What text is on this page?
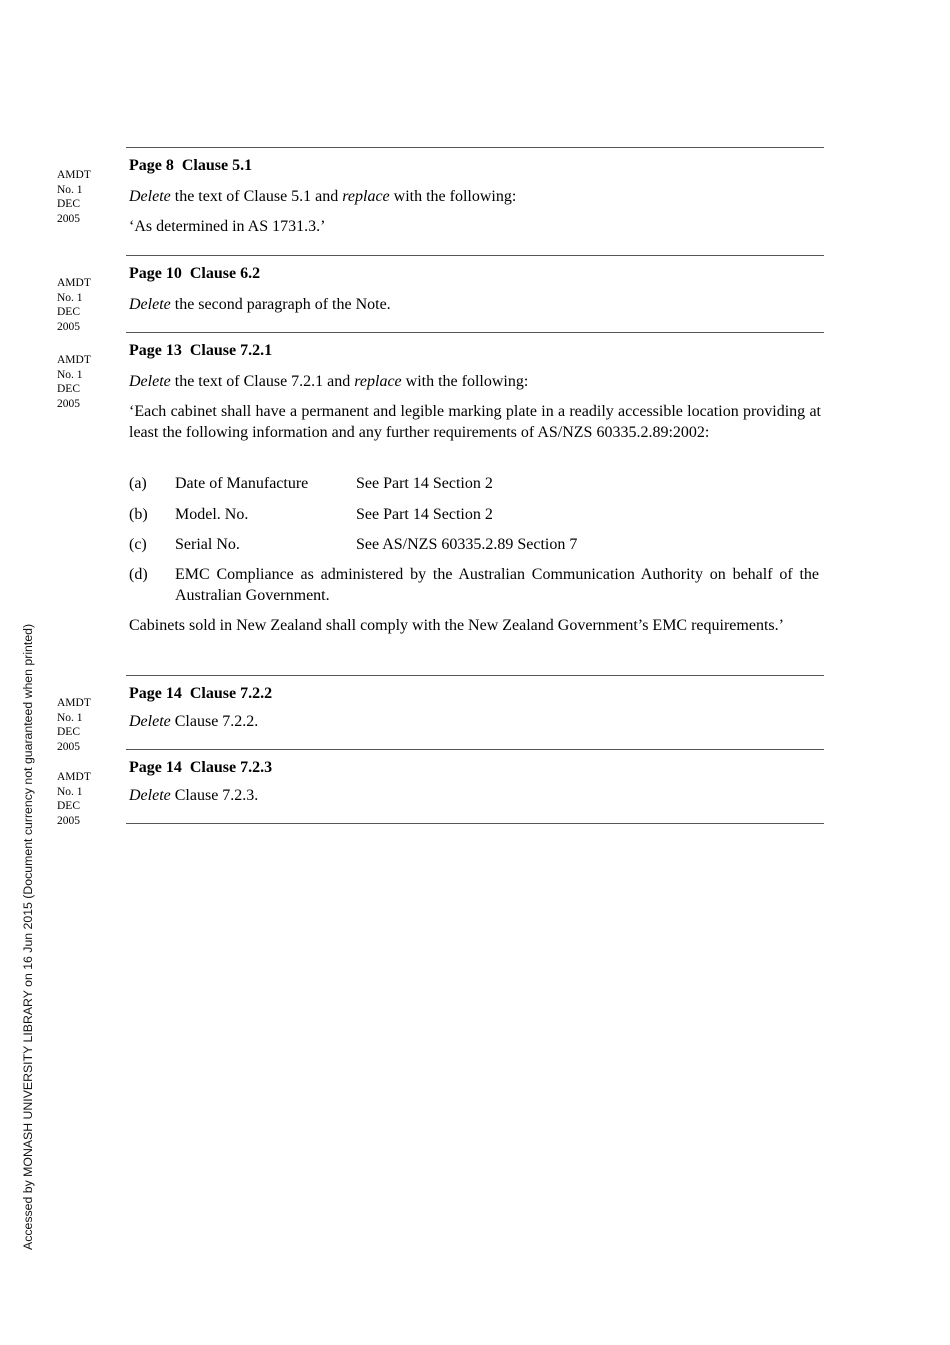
AMDT
No. 1
DEC
2005
Page 8  Clause 5.1
Delete the text of Clause 5.1 and replace with the following:
‘As determined in AS 1731.3.’
AMDT
No. 1
DEC
2005
Page 10  Clause 6.2
Delete the second paragraph of the Note.
AMDT
No. 1
DEC
2005
Page 13  Clause 7.2.1
Delete the text of Clause 7.2.1 and replace with the following:
‘Each cabinet shall have a permanent and legible marking plate in a readily accessible location providing at least the following information and any further requirements of AS/NZS 60335.2.89:2002:
(a) Date of Manufacture	See Part 14 Section 2
(b) Model. No.	See Part 14 Section 2
(c) Serial No.	See AS/NZS 60335.2.89 Section 7
(d) EMC Compliance as administered by the Australian Communication Authority on behalf of the Australian Government.
Cabinets sold in New Zealand shall comply with the New Zealand Government’s EMC requirements.’
AMDT
No. 1
DEC
2005
Page 14  Clause 7.2.2
Delete Clause 7.2.2.
AMDT
No. 1
DEC
2005
Page 14  Clause 7.2.3
Delete Clause 7.2.3.
Accessed by MONASH UNIVERSITY LIBRARY on 16 Jun 2015 (Document currency not guaranteed when printed)
